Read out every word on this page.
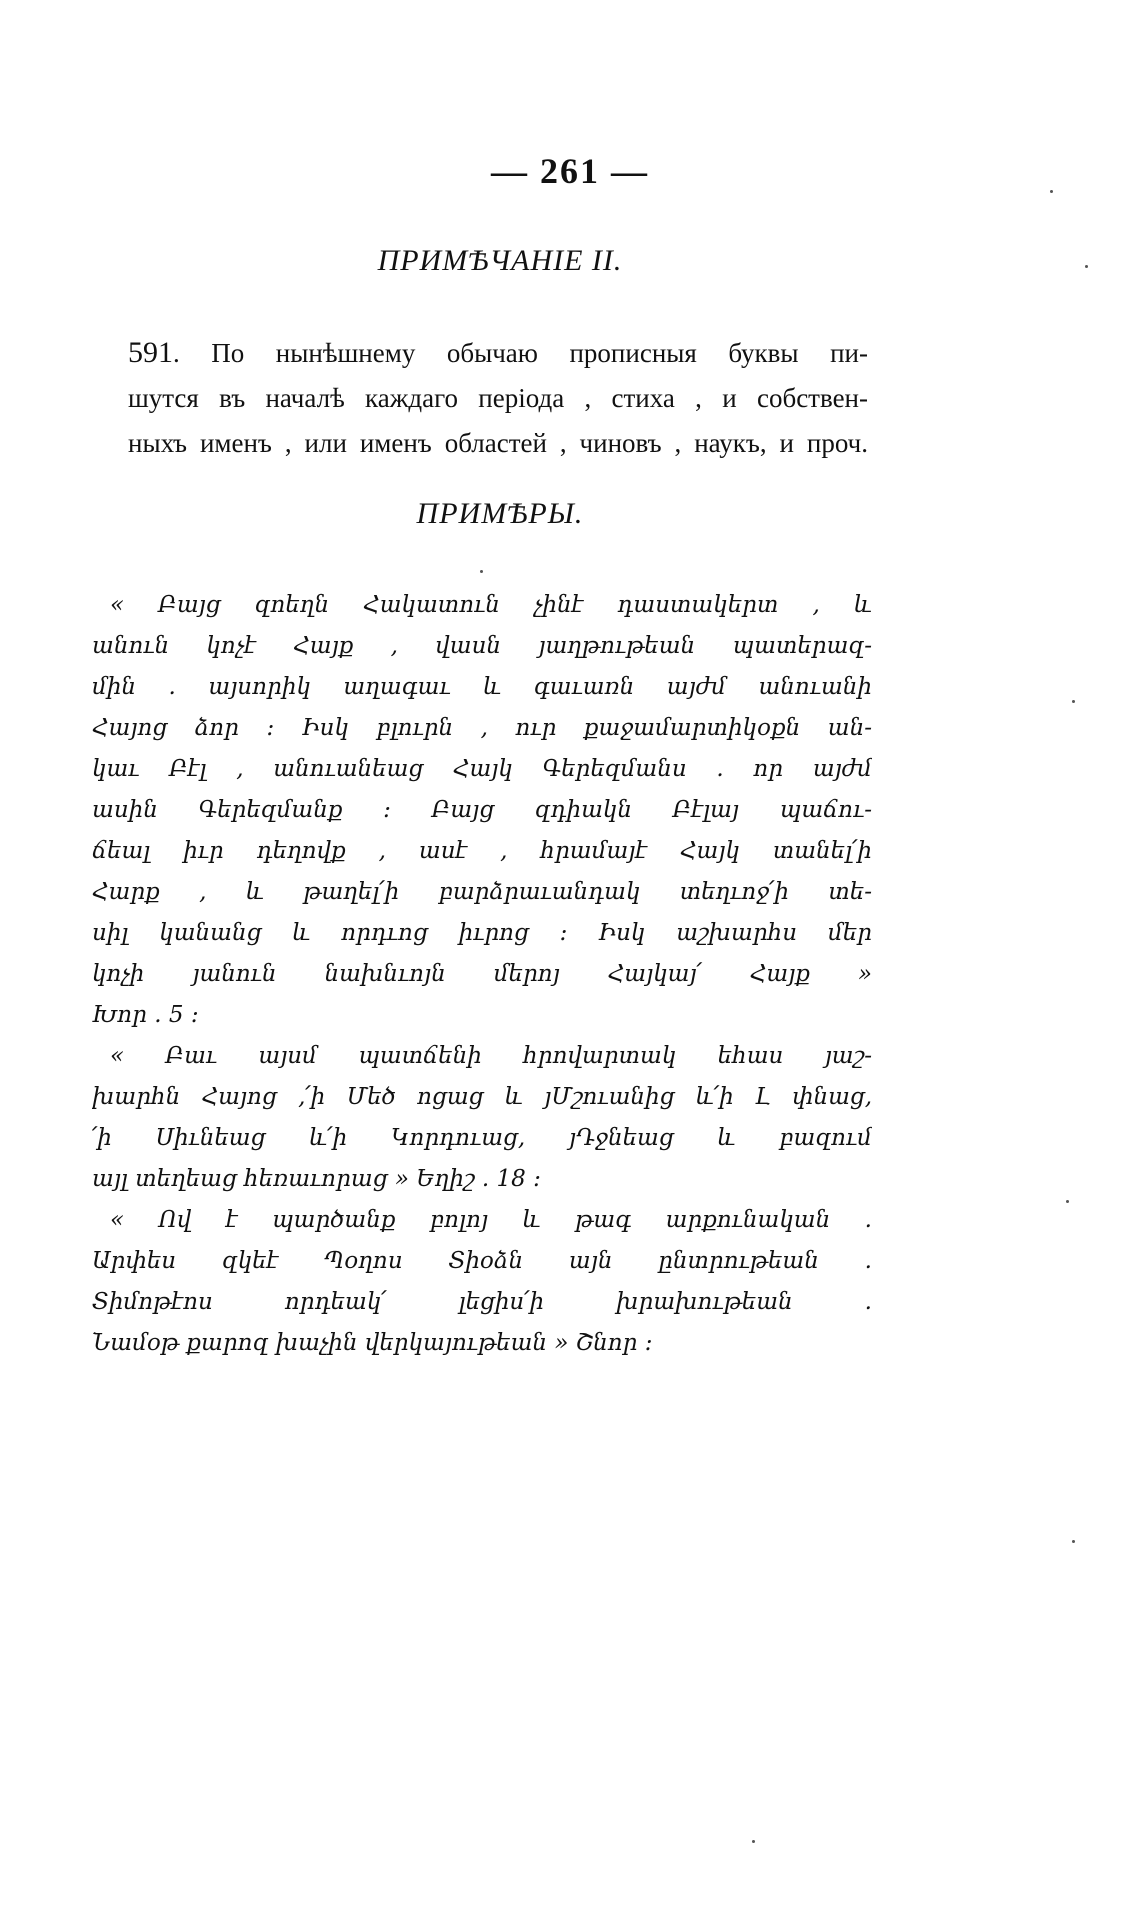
— 261 —
ПРИМѢЧАНІЕ II.
591. По нынѣшнему обычаю прописныя буквы пи-
шутся въ началѣ каждаго періода , стиха , и собствен-
ныхъ именъ , или именъ областей , чиновъ , наукъ, и проч.
ПРИМѢРЫ.
« Բայց զոեղն Հակատուն չինէ դաստակերտ , և
անուն կոչէ Հայք , վասն յաղթութեան պատերազ-
մին . այսորիկ աղագաւ և գաւառն այժմ անուանի
Հայոց ձոր ։ Իսկ բլուրն , ուր քաջամարտիկօքն ան-
կաւ Բէլ , անուանեաց Հայկ Գերեզմանս . որ այժմ
ասին Գերեզմանք ։ Բայց զդիակն Բէլայ պաճու-
ճեալ իւր դեղովք , ասէ , հրամայէ Հայկ տանել՛ի
Հարք , և թաղել՛ի բարձրաւանդակ տեղւոջ՛ի տե-
սիլ կանանց և որդւոց իւրոց ։ Իսկ աշխարհս մեր
կոչի յանուն նախնւոյն մերոյ Հայկայ՛ Հայք »
Խոր . 5 ։
« Բաւ այսմ պատճենի հրովարտակ եհաս յաշ-
խարհն Հայոց ,՛ի Մեծ ոցաց և յՄշուանից և՛ի Լ փնաց,
՛ի Սիւնեաց և՛ի Կորդուաց, յԴջնեաց և բազում
այլ տեղեաց հեռաւորաց » Եղիշ . 18 ։
« Ով է պարծանք բոլոյ և թագ արքունական .
Արփես զկեէ Պօղոս Տիօձն այն ընտրութեան .
Տիմոթէոս որդեակ՛ լեցիս՛ի խրախութեան .
Նամօթ քարոզ խաչին վերկայութեան » Շնոր ։
